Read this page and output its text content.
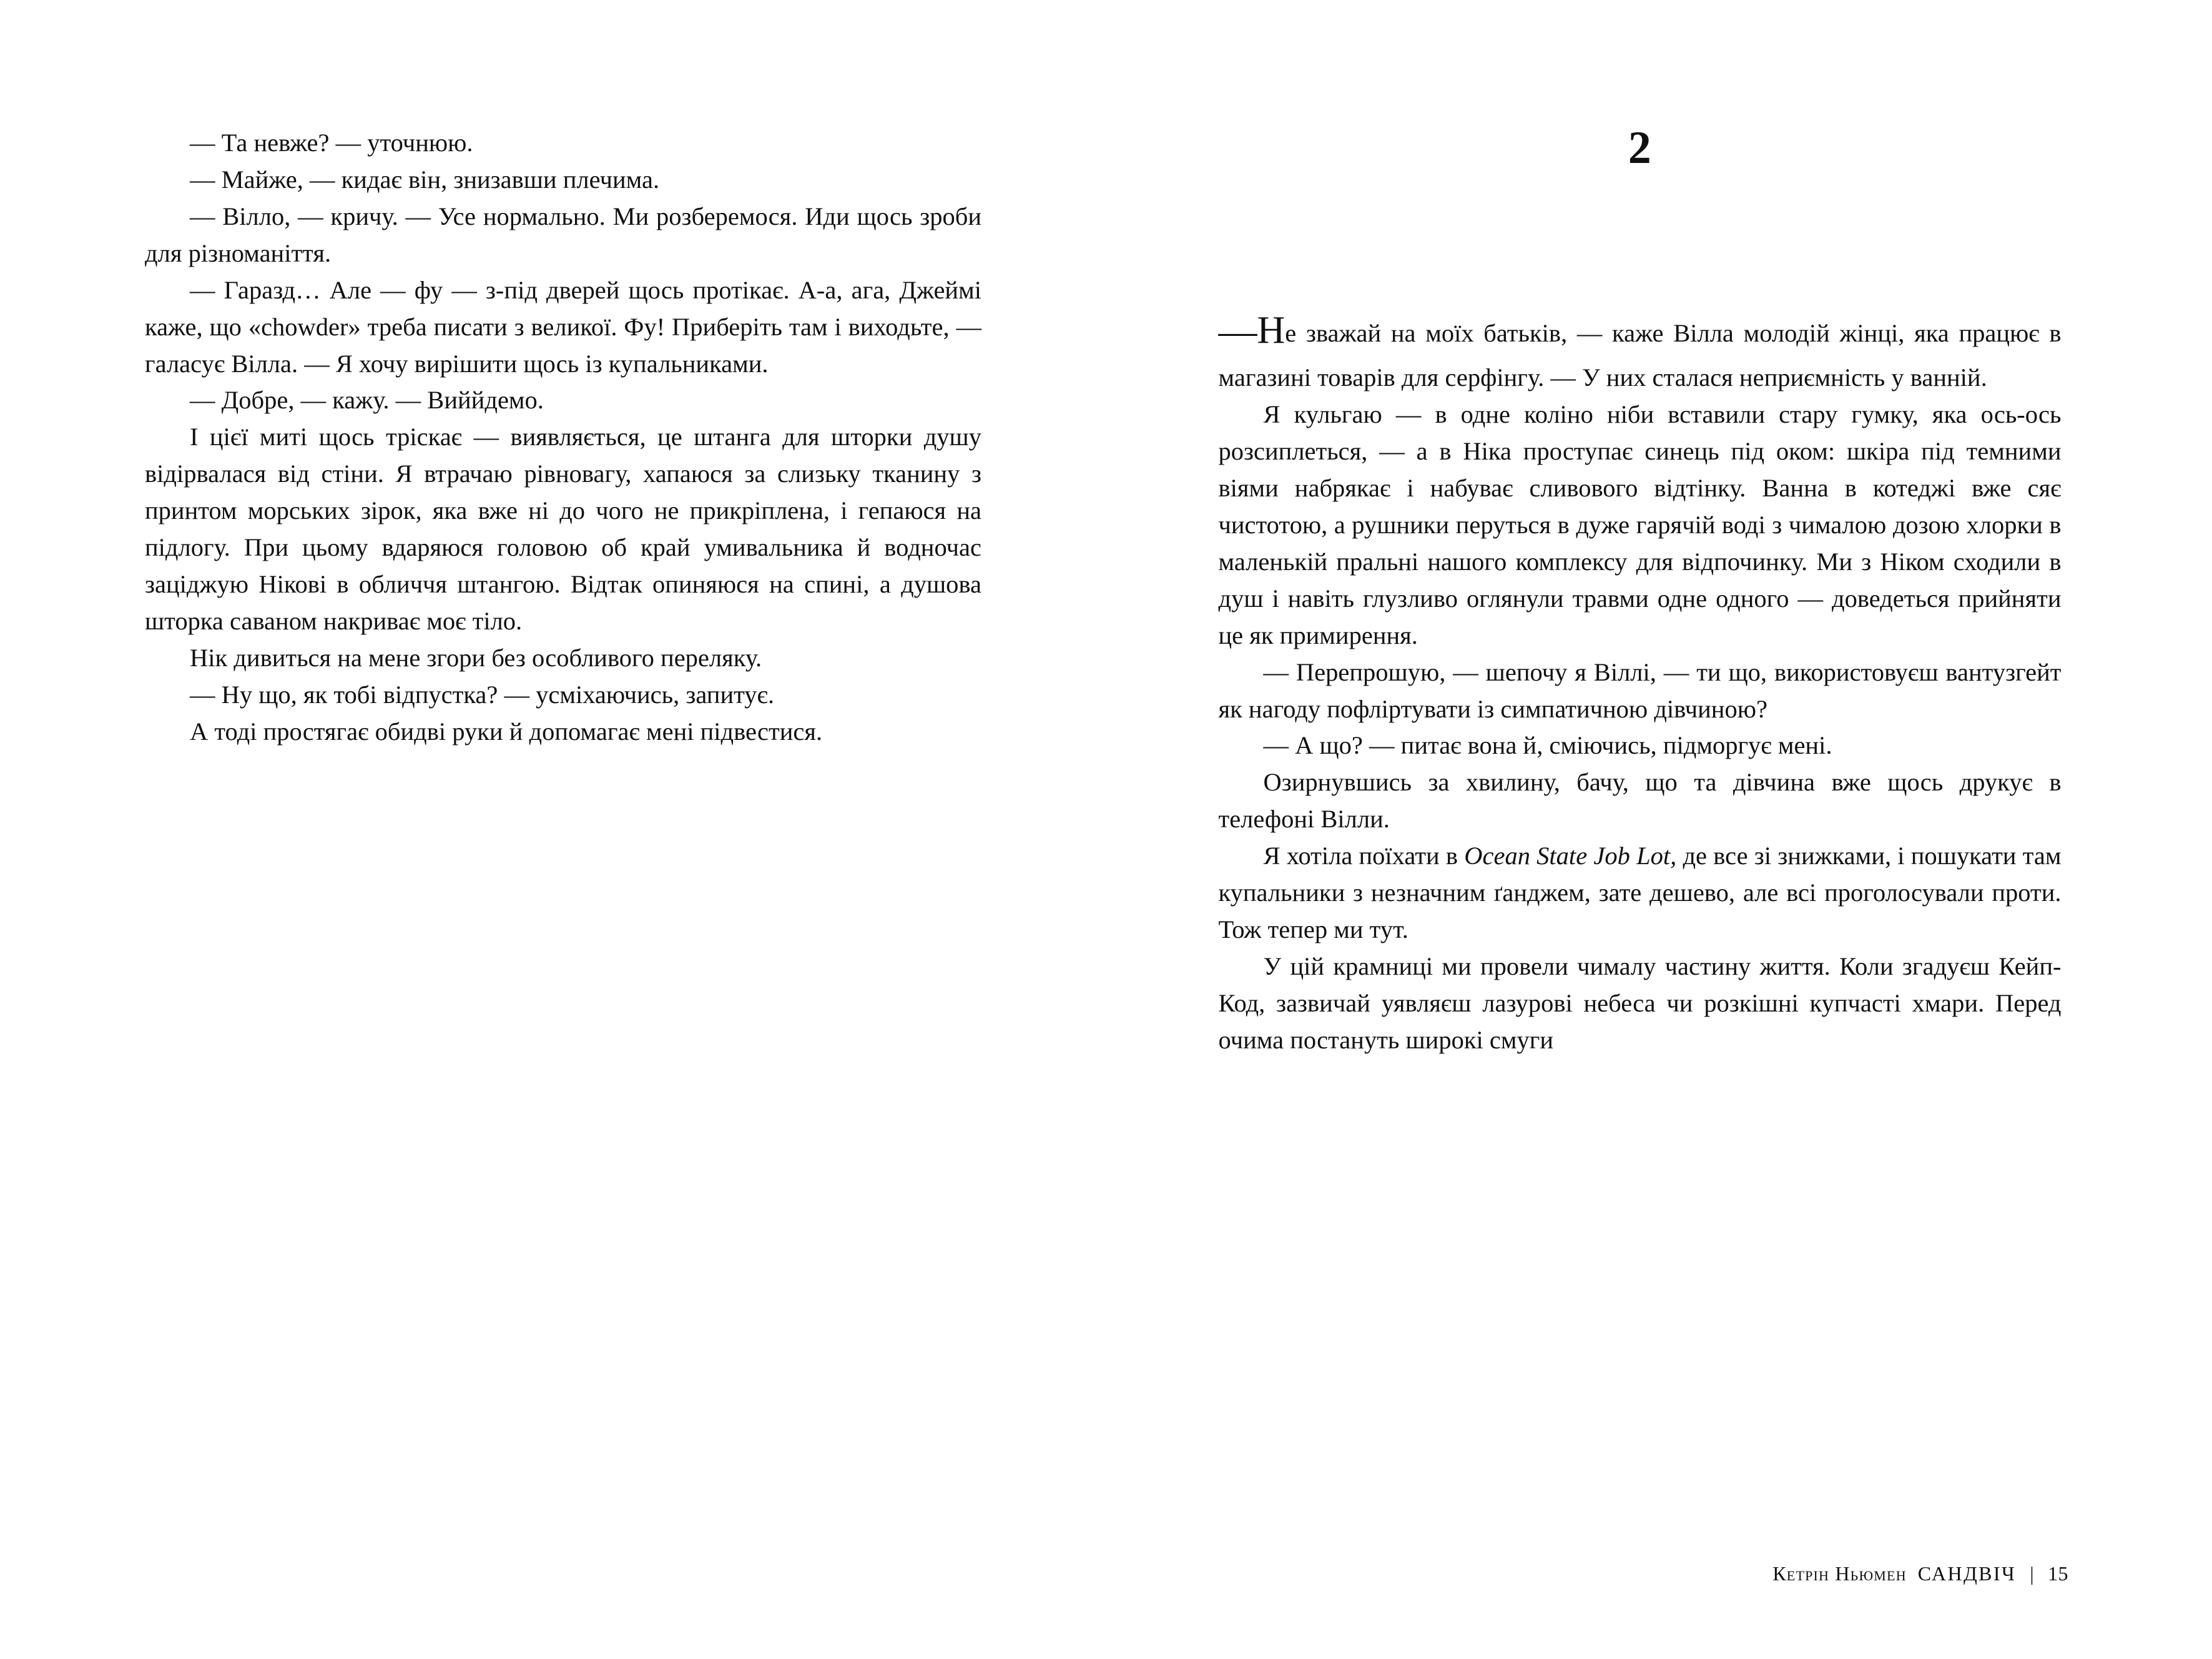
— Та невже? — уточнюю.

— Майже, — кидає він, знизавши плечима.

— Вілло, — кричу. — Усе нормально. Ми розберемося. Иди щось зроби для різноманіття.

— Гаразд… Але — фу — з-під дверей щось протікає. А-а, ага, Джеймі каже, що «chowder» треба писати з великої. Фу! Приберіть там і виходьте, — галасує Вілла. — Я хочу вирішити щось із купальниками.

— Добре, — кажу. — Виййдемо.

І цієї миті щось тріскає — виявляється, це штанга для шторки душу відірвалася від стіни. Я втрачаю рівновагу, хапаюся за слизьку тканину з принтом морських зірок, яка вже ні до чого не прикріплена, і гепаюся на підлогу. При цьому вдаряюся головою об край умивальника й водночас заціджую Нікові в обличчя штангою. Відтак опиняюся на спині, а душова шторка саваном накриває моє тіло.

Нік дивиться на мене згори без особливого переляку.

— Ну що, як тобі відпустка? — усміхаючись, запитує.

А тоді простягає обидві руки й допомагає мені підвестися.

2

—Не зважай на моїх батьків, — каже Вілла молодій жінці, яка працює в магазині товарів для серфінгу. — У них сталася неприємність у ванній.

Я кульгаю — в одне коліно ніби вставили стару гумку, яка ось-ось розсиплеться, — а в Ніка проступає синець під оком: шкіра під темними віями набрякає і набуває сливового відтінку. Ванна в котеджі вже сяє чистотою, а рушники перуться в дуже гарячій воді з чималою дозою хлорки в маленькій пральні нашого комплексу для відпочинку. Ми з Ніком сходили в душ і навіть глузливо оглянули травми одне одного — доведеться прийняти це як примирення.

— Перепрошую, — шепочу я Віллі, — ти що, використовуєш вантузгейт як нагоду пофліртувати із симпатичною дівчиною?

— А що? — питає вона й, сміючись, підморгує мені.

Озирнувшись за хвилину, бачу, що та дівчина вже щось друкує в телефоні Вілли.

Я хотіла поїхати в Ocean State Job Lot, де все зі знижками, і пошукати там купальники з незначним ґанджем, зате дешево, але всі проголосували проти. Тож тепер ми тут.

У цій крамниці ми провели чималу частину життя. Коли згадуєш Кейп-Код, зазвичай уявляєш лазурові небеса чи розкішні купчасті хмари. Перед очима постануть широкі смуги

Кетрін Ньюмен САНДВІЧ | 15
